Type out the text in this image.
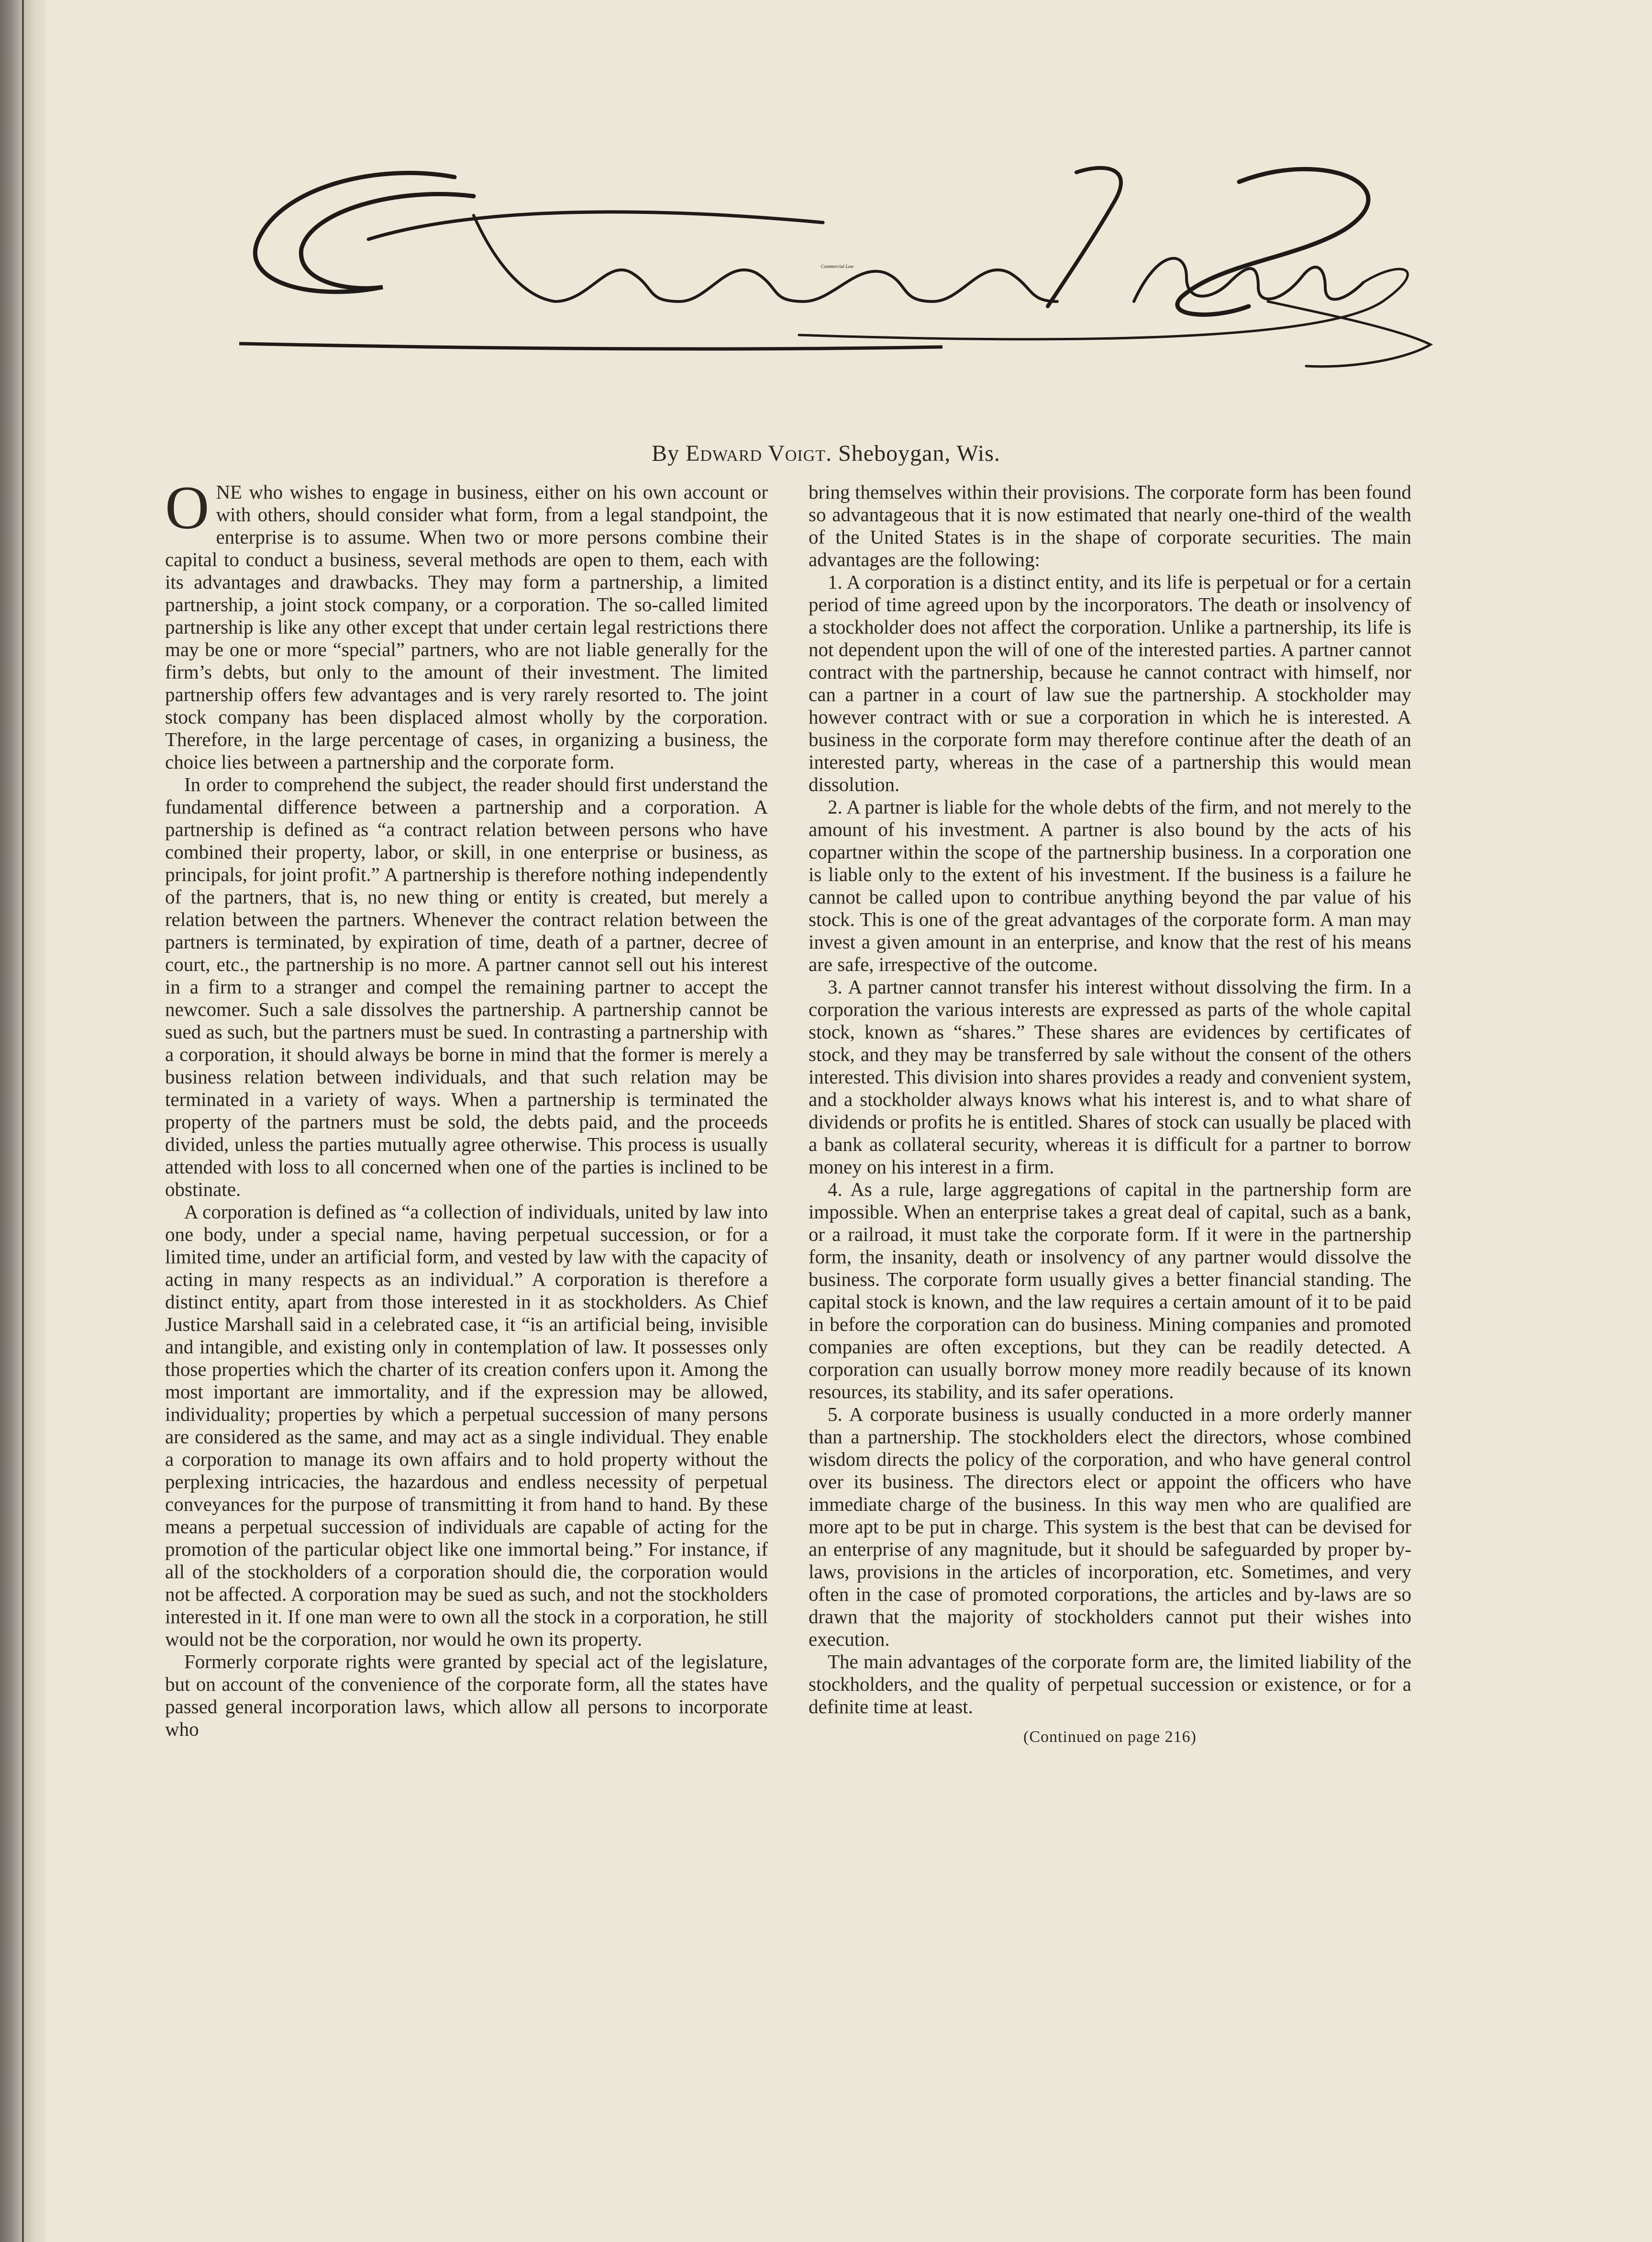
Commercial Law
By Edward Voigt. Sheboygan, Wis.

ONE who wishes to engage in business, either on his own account or with others, should consider what form, from a legal standpoint, the enterprise is to assume. When two or more persons combine their capital to conduct a business, several methods are open to them, each with its advantages and drawbacks. They may form a partnership, a limited partnership, a joint stock company, or a corporation. The so-called limited partnership is like any other except that under certain legal restrictions there may be one or more “special” partners, who are not liable generally for the firm’s debts, but only to the amount of their investment. The limited partnership offers few advantages and is very rarely resorted to. The joint stock company has been displaced almost wholly by the corporation. Therefore, in the large percentage of cases, in organizing a business, the choice lies between a partnership and the corporate form.

In order to comprehend the subject, the reader should first understand the fundamental difference between a partnership and a corporation. A partnership is defined as “a contract relation between persons who have combined their property, labor, or skill, in one enterprise or business, as principals, for joint profit.” A partnership is therefore nothing independently of the partners, that is, no new thing or entity is created, but merely a relation between the partners. Whenever the contract relation between the partners is terminated, by expiration of time, death of a partner, decree of court, etc., the partnership is no more. A partner cannot sell out his interest in a firm to a stranger and compel the remaining partner to accept the newcomer. Such a sale dissolves the partnership. A partnership cannot be sued as such, but the partners must be sued. In contrasting a partnership with a corporation, it should always be borne in mind that the former is merely a business relation between individuals, and that such relation may be terminated in a variety of ways. When a partnership is terminated the property of the partners must be sold, the debts paid, and the proceeds divided, unless the parties mutually agree otherwise. This process is usually attended with loss to all concerned when one of the parties is inclined to be obstinate.

A corporation is defined as “a collection of individuals, united by law into one body, under a special name, having perpetual succession, or for a limited time, under an artificial form, and vested by law with the capacity of acting in many respects as an individual.” A corporation is therefore a distinct entity, apart from those interested in it as stockholders. As Chief Justice Marshall said in a celebrated case, it “is an artificial being, invisible and intangible, and existing only in contemplation of law. It possesses only those properties which the charter of its creation confers upon it. Among the most important are immortality, and if the expression may be allowed, individuality; properties by which a perpetual succession of many persons are considered as the same, and may act as a single individual. They enable a corporation to manage its own affairs and to hold property without the perplexing intricacies, the hazardous and endless necessity of perpetual conveyances for the purpose of transmitting it from hand to hand. By these means a perpetual succession of individuals are capable of acting for the promotion of the particular object like one immortal being.” For instance, if all of the stockholders of a corporation should die, the corporation would not be affected. A corporation may be sued as such, and not the stockholders interested in it. If one man were to own all the stock in a corporation, he still would not be the corporation, nor would he own its property.

Formerly corporate rights were granted by special act of the legislature, but on account of the convenience of the corporate form, all the states have passed general incorporation laws, which allow all persons to incorporate who

bring themselves within their provisions. The corporate form has been found so advantageous that it is now estimated that nearly one-third of the wealth of the United States is in the shape of corporate securities. The main advantages are the following:

1. A corporation is a distinct entity, and its life is perpetual or for a certain period of time agreed upon by the incorporators. The death or insolvency of a stockholder does not affect the corporation. Unlike a partnership, its life is not dependent upon the will of one of the interested parties. A partner cannot contract with the partnership, because he cannot contract with himself, nor can a partner in a court of law sue the partnership. A stockholder may however contract with or sue a corporation in which he is interested. A business in the corporate form may therefore continue after the death of an interested party, whereas in the case of a partnership this would mean dissolution.

2. A partner is liable for the whole debts of the firm, and not merely to the amount of his investment. A partner is also bound by the acts of his copartner within the scope of the partnership business. In a corporation one is liable only to the extent of his investment. If the business is a failure he cannot be called upon to contribue anything beyond the par value of his stock. This is one of the great advantages of the corporate form. A man may invest a given amount in an enterprise, and know that the rest of his means are safe, irrespective of the outcome.

3. A partner cannot transfer his interest without dissolving the firm. In a corporation the various interests are expressed as parts of the whole capital stock, known as “shares.” These shares are evidences by certificates of stock, and they may be transferred by sale without the consent of the others interested. This division into shares provides a ready and convenient system, and a stockholder always knows what his interest is, and to what share of dividends or profits he is entitled. Shares of stock can usually be placed with a bank as collateral security, whereas it is difficult for a partner to borrow money on his interest in a firm.

4. As a rule, large aggregations of capital in the partnership form are impossible. When an enterprise takes a great deal of capital, such as a bank, or a railroad, it must take the corporate form. If it were in the partnership form, the insanity, death or insolvency of any partner would dissolve the business. The corporate form usually gives a better financial standing. The capital stock is known, and the law requires a certain amount of it to be paid in before the corporation can do business. Mining companies and promoted companies are often exceptions, but they can be readily detected. A corporation can usually borrow money more readily because of its known resources, its stability, and its safer operations.

5. A corporate business is usually conducted in a more orderly manner than a partnership. The stockholders elect the directors, whose combined wisdom directs the policy of the corporation, and who have general control over its business. The directors elect or appoint the officers who have immediate charge of the business. In this way men who are qualified are more apt to be put in charge. This system is the best that can be devised for an enterprise of any magnitude, but it should be safeguarded by proper by-laws, provisions in the articles of incorporation, etc. Sometimes, and very often in the case of promoted corporations, the articles and by-laws are so drawn that the majority of stockholders cannot put their wishes into execution.

The main advantages of the corporate form are, the limited liability of the stockholders, and the quality of perpetual succession or existence, or for a definite time at least.

(Continued on page 216)
